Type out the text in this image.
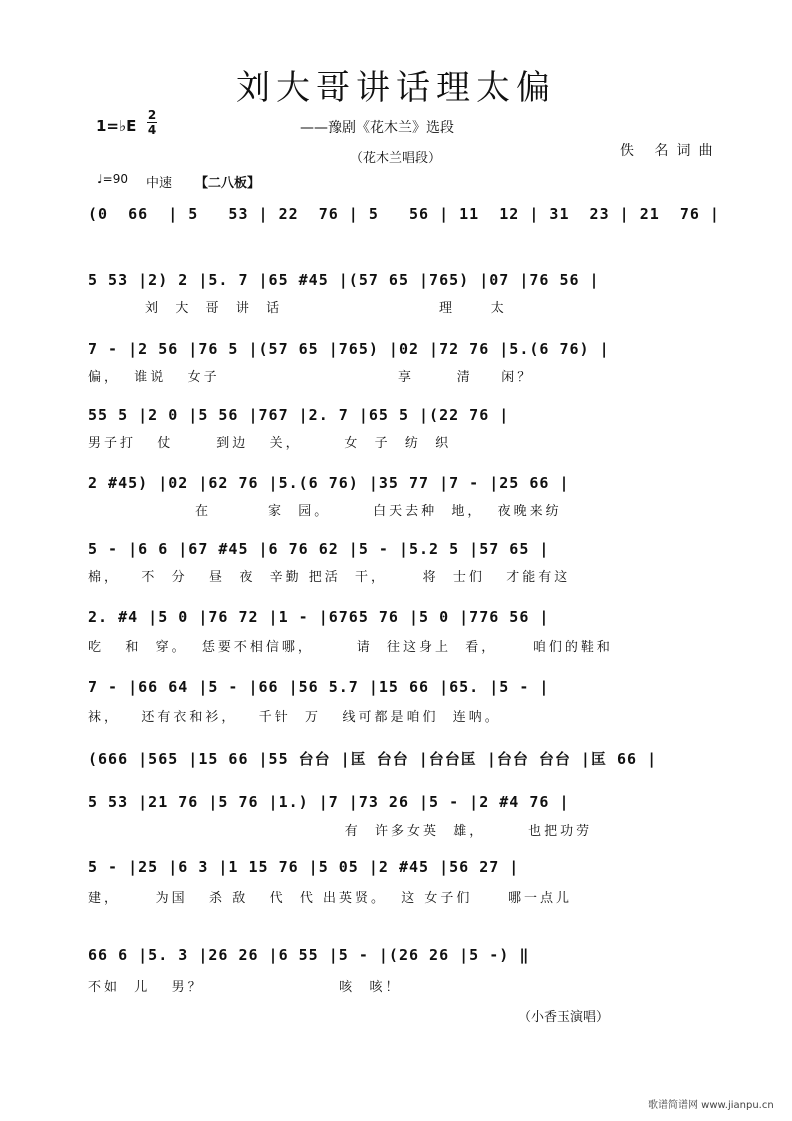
刘大哥讲话理太偏
1=♭E
2
4	——豫剧《花木兰》选段
（花木兰唱段）	佚 名词曲
♩=90 中速 【二八板】
(0  66  | 5   53 | 22  76 | 5   56 | 11  12 | 31  23 | 21  76 |
5 53 |2) 2 |5. 7 |65 #45 |(57 65 |765) |07 |76 56 |
刘  大  哥  讲  话                      理     太
7 - |2 56 |76 5 |(57 65 |765) |02 |72 76 |5.(6 76) |
偏，  谁说   女子                         享      清    闲？
55 5 |2 0 |5 56 |767 |2. 7 |65 5 |(22 76 |
男子打   仗      到边   关，      女  子  纺  织
2 #45) |02 |62 76 |5.(6 76) |35 77 |7 - |25 66 |
在        家  园。      白天去种  地，  夜晚来纺
5 - |6 6 |67 #45 |6 76 62 |5 - |5.2 5 |57 65 |
棉，   不  分   昼  夜  辛勤 把活  干，     将  士们   才能有这
2. #4 |5 0 |76 72 |1 - |6765 76 |5 0 |776 56 |
吃   和  穿。  恁要不相信哪，      请  往这身上  看，     咱们的鞋和
7 - |66 64 |5 - |66 |56 5.7 |15 66 |65. |5 - |
袜，   还有衣和衫，   千针  万   线可都是咱们  连呐。
(666 |565 |15 66 |55 台台 |匡 台台 |台台匡 |台台 台台 |匡 66 |
5 53 |21 76 |5 76 |1.) |7 |73 26 |5 - |2 #4 76 |
有  许多女英  雄，      也把功劳
5 - |25 |6 3 |1 15 76 |5 05 |2 #45 |56 27 |
建，     为国   杀 敌   代  代 出英贤。  这 女子们     哪一点儿
66 6 |5. 3 |26 26 |6 55 |5 - |(26 26 |5 -) ‖
不如  儿   男？                   咳  咳！
（小香玉演唱）
歌谱简谱网 www.jianpu.cn
